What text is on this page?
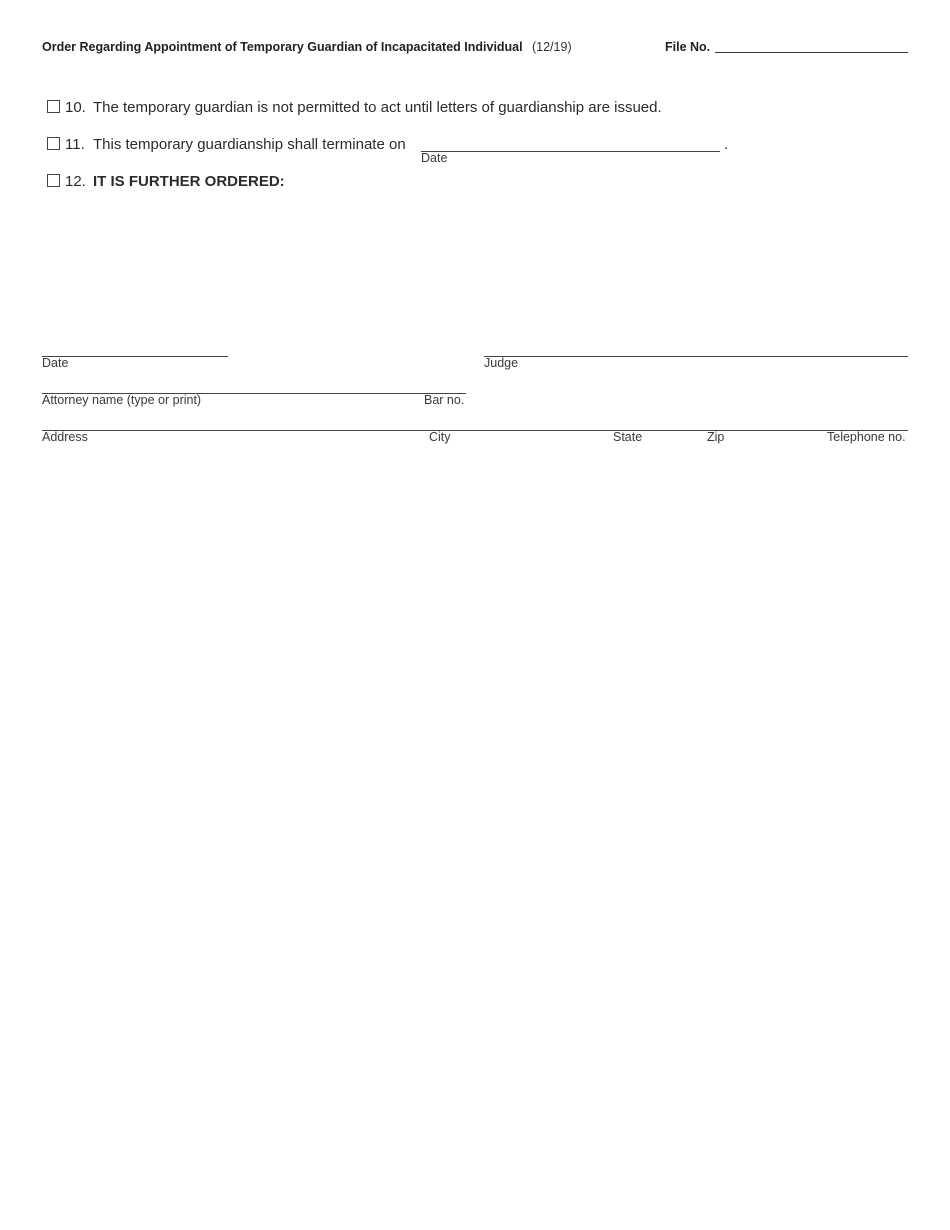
Order Regarding Appointment of Temporary Guardian of Incapacitated Individual (12/19)	File No.
10. The temporary guardian is not permitted to act until letters of guardianship are issued.
11. This temporary guardianship shall terminate on	.
Date
12. IT IS FURTHER ORDERED:
Date	Judge
Attorney name (type or print)	Bar no.
Address	City	State	Zip	Telephone no.
